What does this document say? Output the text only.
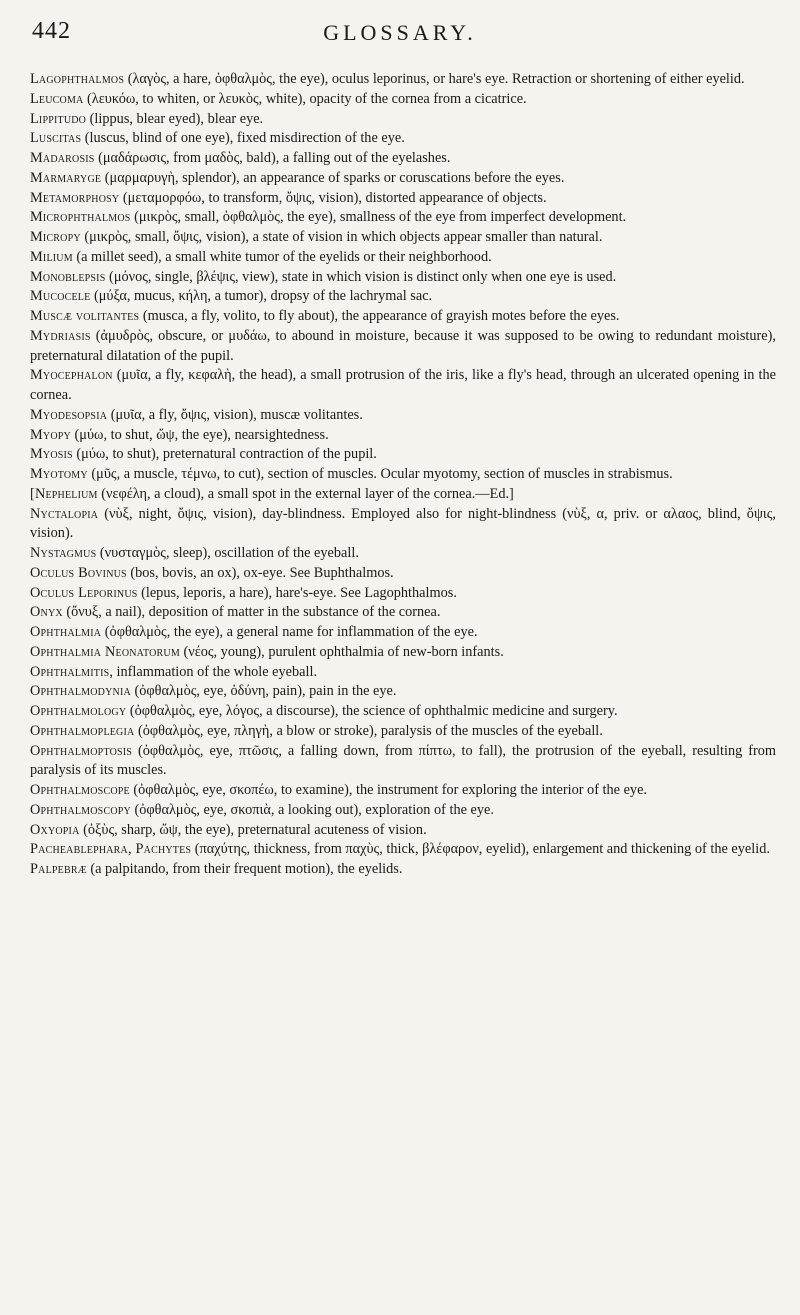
442	GLOSSARY.

Lagophthalmos (λαγὸς, a hare, ὀφθαλμὸς, the eye), oculus leporinus, or hare's eye. Retraction or shortening of either eyelid.

Leucoma (λευκόω, to whiten, or λευκὸς, white), opacity of the cornea from a cicatrice.

Lippitudo (lippus, blear eyed), blear eye.

Luscitas (luscus, blind of one eye), fixed misdirection of the eye.

Madarosis (μαδάρωσις, from μαδὸς, bald), a falling out of the eyelashes.

Marmaryge (μαρμαρυγὴ, splendor), an appearance of sparks or coruscations before the eyes.

Metamorphosy (μεταμορφόω, to transform, ὄψις, vision), distorted appearance of objects.

Microphthalmos (μικρὸς, small, ὀφθαλμὸς, the eye), smallness of the eye from imperfect development.

Micropy (μικρὸς, small, ὄψις, vision), a state of vision in which objects appear smaller than natural.

Milium (a millet seed), a small white tumor of the eyelids or their neighborhood.

Monoblepsis (μόνος, single, βλέψις, view), state in which vision is distinct only when one eye is used.

Mucocele (μύξα, mucus, κήλη, a tumor), dropsy of the lachrymal sac.

Muscæ volitantes (musca, a fly, volito, to fly about), the appearance of grayish motes before the eyes.

Mydriasis (ἀμυδρὸς, obscure, or μυδάω, to abound in moisture, because it was supposed to be owing to redundant moisture), preternatural dilatation of the pupil.

Myocephalon (μυῖα, a fly, κεφαλὴ, the head), a small protrusion of the iris, like a fly's head, through an ulcerated opening in the cornea.

Myodesopsia (μυῖα, a fly, ὄψις, vision), muscæ volitantes.

Myopy (μύω, to shut, ὤψ, the eye), nearsightedness.

Myosis (μύω, to shut), preternatural contraction of the pupil.

Myotomy (μῦς, a muscle, τέμνω, to cut), section of muscles. Ocular myotomy, section of muscles in strabismus.

[Nephelium (νεφέλη, a cloud), a small spot in the external layer of the cornea.—Ed.]

Nyctalopia (νὺξ, night, ὄψις, vision), day-blindness. Employed also for night-blindness (νὺξ, α, priv. or αλαος, blind, ὄψις, vision).

Nystagmus (νυσταγμὸς, sleep), oscillation of the eyeball.

Oculus Bovinus (bos, bovis, an ox), ox-eye. See Buphthalmos.

Oculus Leporinus (lepus, leporis, a hare), hare's-eye. See Lagophthalmos.

Onyx (ὄνυξ, a nail), deposition of matter in the substance of the cornea.

Ophthalmia (ὀφθαλμὸς, the eye), a general name for inflammation of the eye.

Ophthalmia Neonatorum (νέος, young), purulent ophthalmia of new-born infants.

Ophthalmitis, inflammation of the whole eyeball.

Ophthalmodynia (ὀφθαλμὸς, eye, ὀδύνη, pain), pain in the eye.

Ophthalmology (ὀφθαλμὸς, eye, λόγος, a discourse), the science of ophthalmic medicine and surgery.

Ophthalmoplegia (ὀφθαλμὸς, eye, πληγὴ, a blow or stroke), paralysis of the muscles of the eyeball.

Ophthalmoptosis (ὀφθαλμὸς, eye, πτῶσις, a falling down, from πίπτω, to fall), the protrusion of the eyeball, resulting from paralysis of its muscles.

Ophthalmoscope (ὀφθαλμὸς, eye, σκοπέω, to examine), the instrument for exploring the interior of the eye.

Ophthalmoscopy (ὀφθαλμὸς, eye, σκοπιὰ, a looking out), exploration of the eye.

Oxyopia (ὀξὺς, sharp, ὤψ, the eye), preternatural acuteness of vision.

Pacheablephara, Pachytes (παχύτης, thickness, from παχὺς, thick, βλέφαρον, eyelid), enlargement and thickening of the eyelid.

Palpebræ (a palpitando, from their frequent motion), the eyelids.
